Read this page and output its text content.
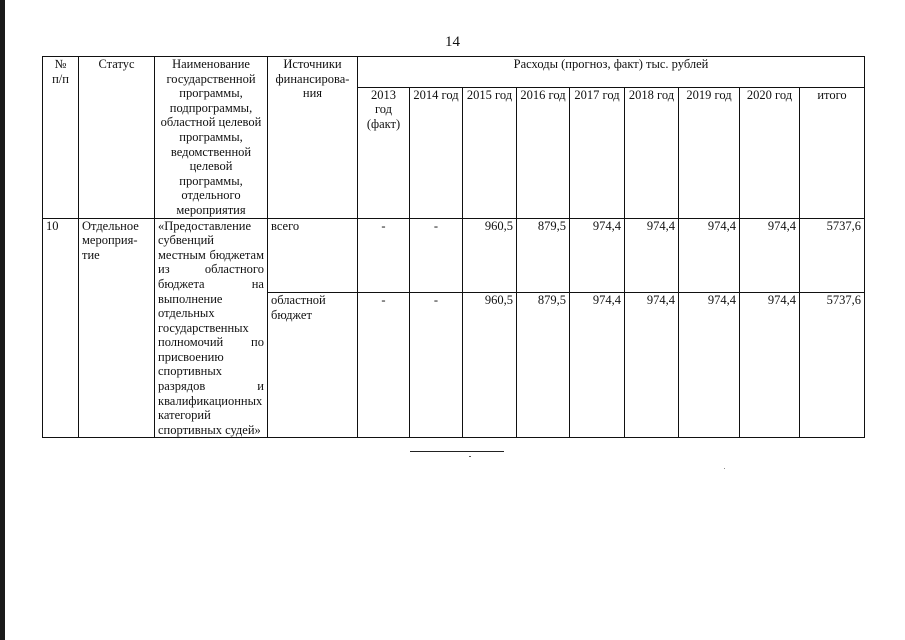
14
№ п/п	Статус	Наименование государственной программы, подпрограммы, областной целевой программы, ведомственной целевой программы, отдельного мероприятия	Источники финансирова-ния	Расходы (прогноз, факт) тыс. рублей								
				2013 год (факт)	2014 год	2015 год	2016 год	2017 год	2018 год	2019 год	2020 год	итого
10	Отдельное мероприя-тие	«Предоставление субвенций местным бюджетам из областного бюджета на выполнение отдельных государственных полномочий по присвоению спортивных разрядов и квалификационных категорий спортивных судей»	всего	-	-	960,5	879,5	974,4	974,4	974,4	974,4	5737,6
			областной бюджет	-	-	960,5	879,5	974,4	974,4	974,4	974,4	5737,6
